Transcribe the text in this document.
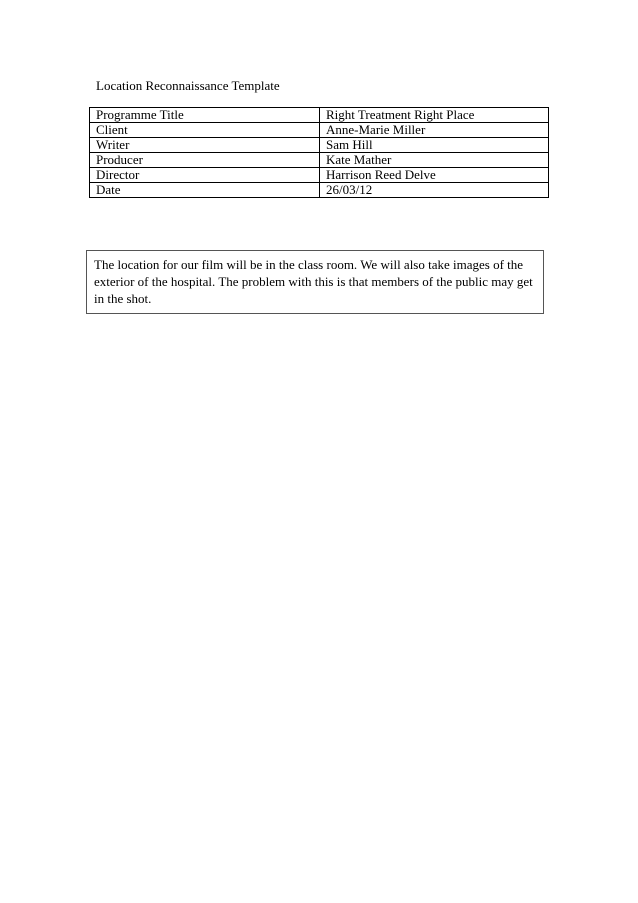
Location Reconnaissance Template
Programme Title	Right Treatment Right Place
Client	Anne-Marie Miller
Writer	Sam Hill
Producer	Kate Mather
Director	Harrison Reed Delve
Date	26/03/12
The location for our film will be in the class room. We will also take images of the exterior of the hospital. The problem with this is that members of the public may get in the shot.
